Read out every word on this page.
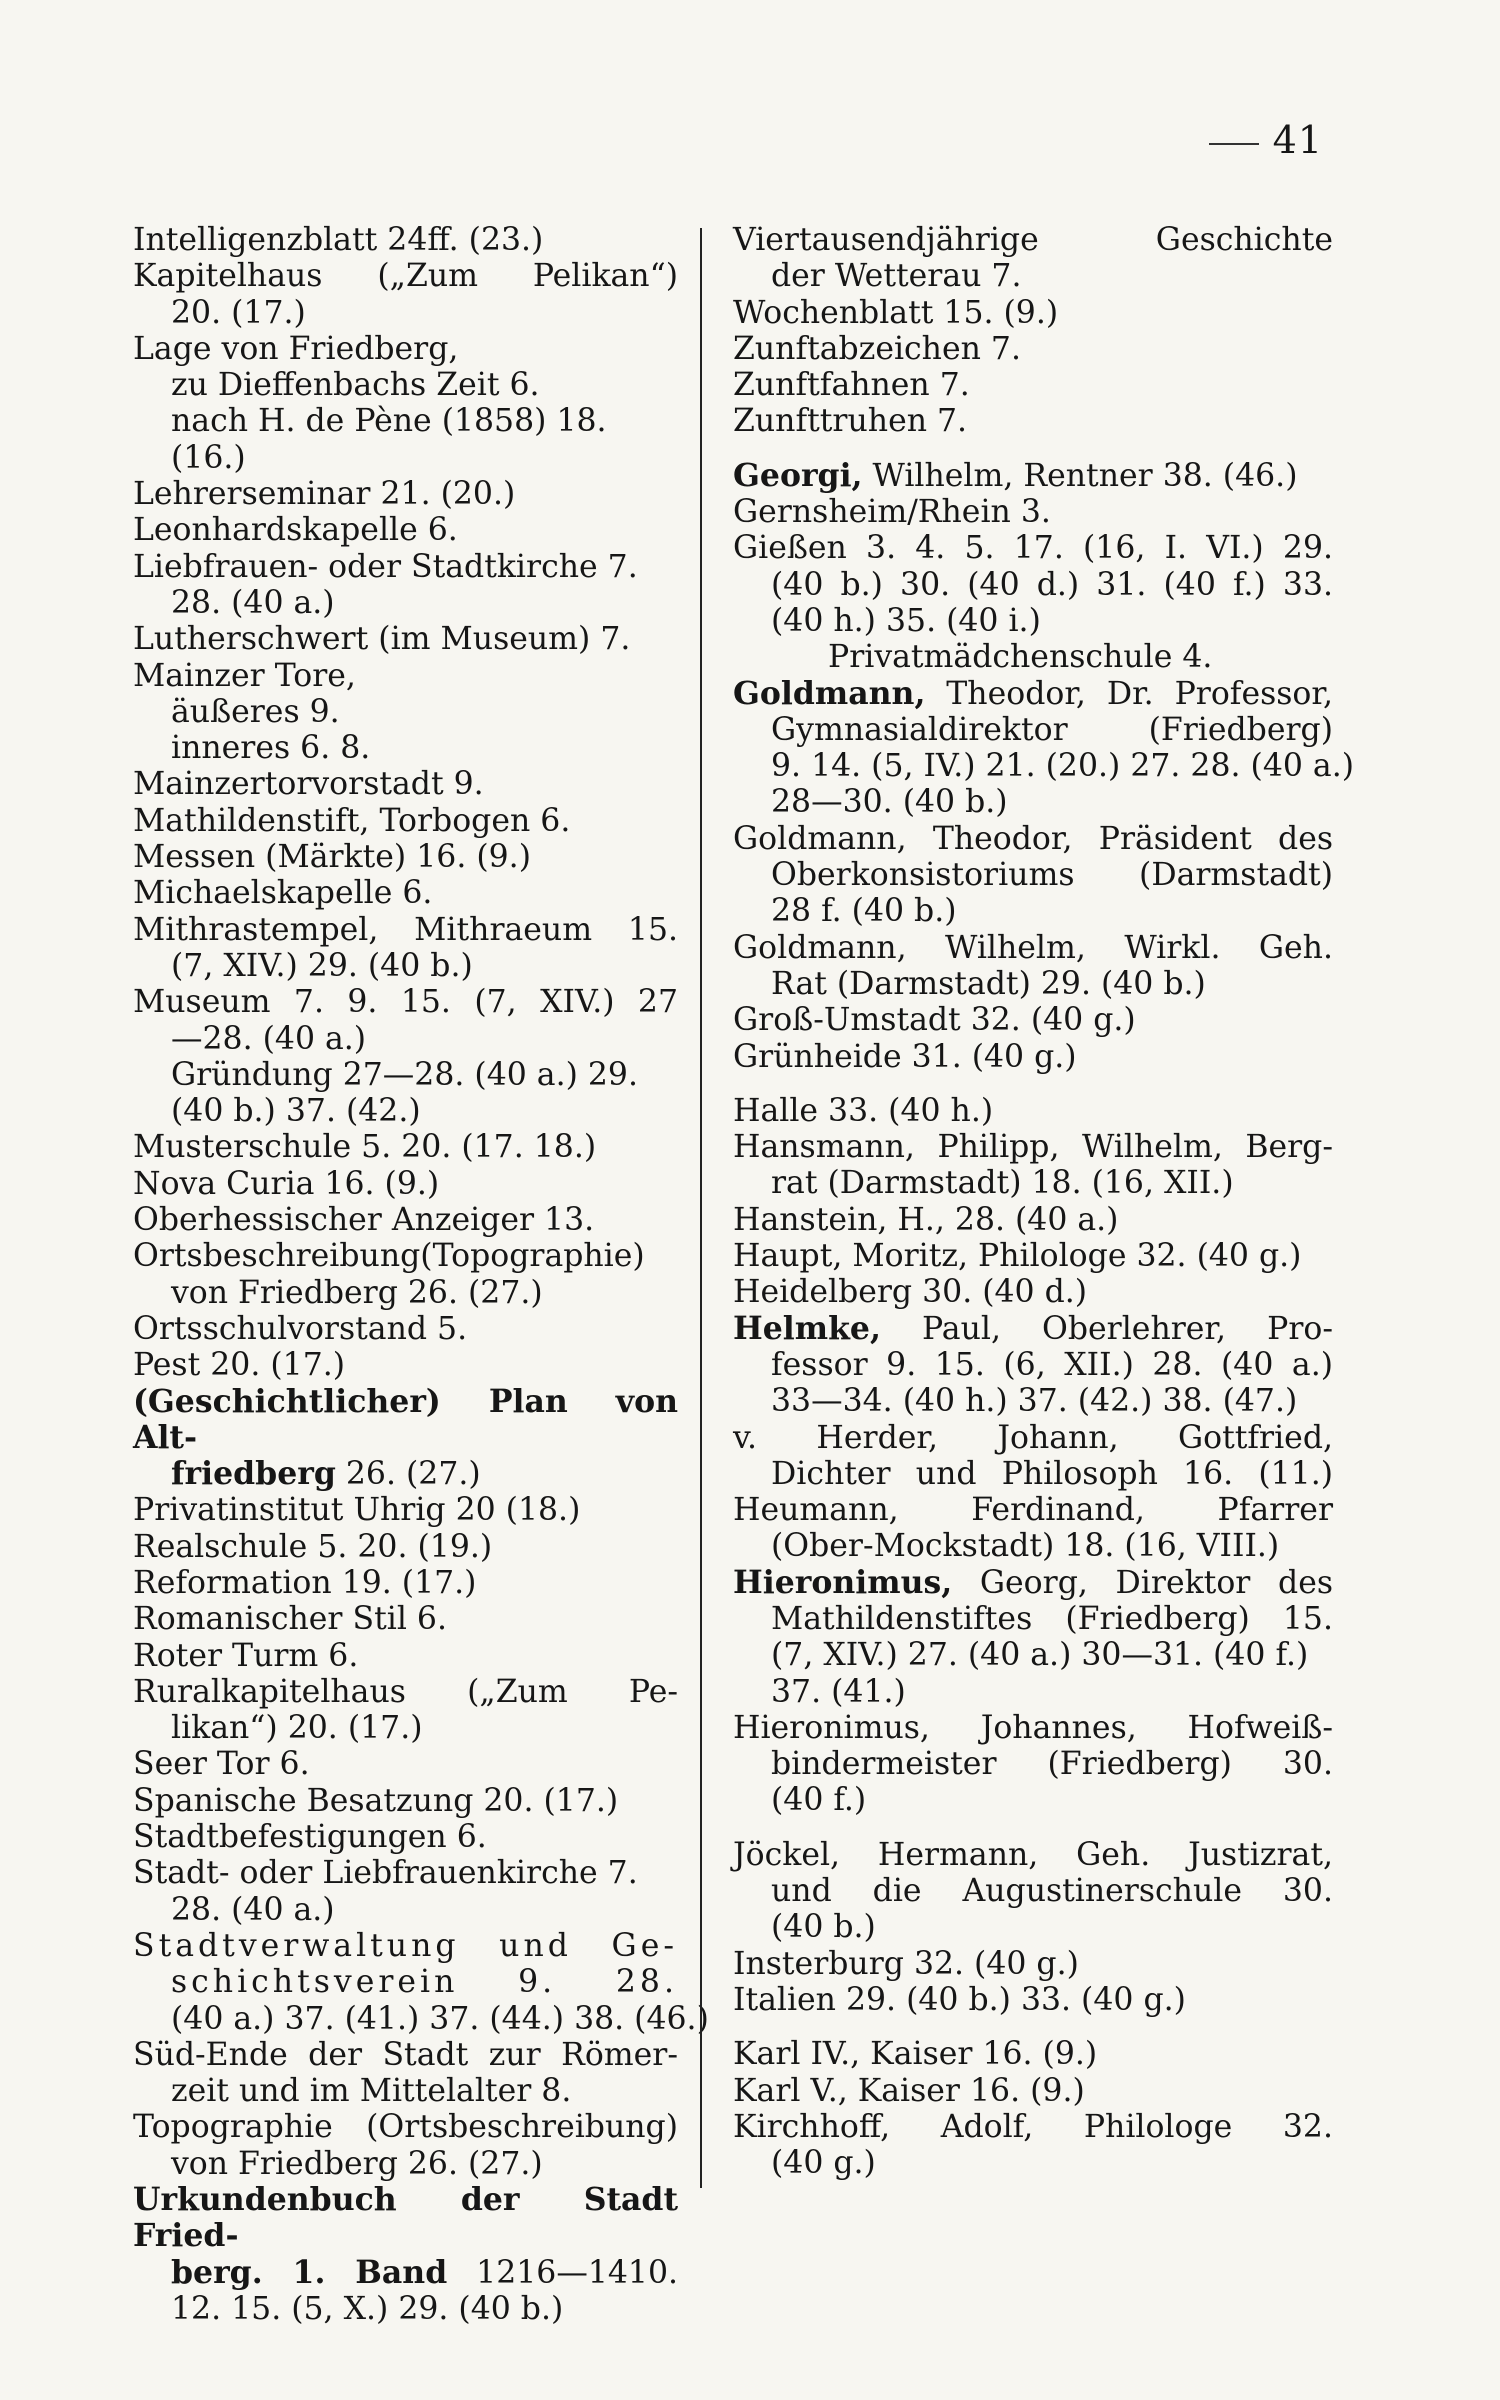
41
Intelligenzblatt 24ff. (23.)
Kapitelhaus („Zum Pelikan“)
20. (17.)
Lage von Friedberg,
zu Dieffenbachs Zeit 6.
nach H. de Pène (1858) 18.
(16.)
Lehrerseminar 21. (20.)
Leonhardskapelle 6.
Liebfrauen- oder Stadtkirche 7.
28. (40 a.)
Lutherschwert (im Museum) 7.
Mainzer Tore,
äußeres 9.
inneres 6. 8.
Mainzertorvorstadt 9.
Mathildenstift, Torbogen 6.
Messen (Märkte) 16. (9.)
Michaelskapelle 6.
Mithrastempel, Mithraeum 15.
(7, XIV.) 29. (40 b.)
Museum 7. 9. 15. (7, XIV.) 27
—28. (40 a.)
Gründung 27—28. (40 a.) 29.
(40 b.) 37. (42.)
Musterschule 5. 20. (17. 18.)
Nova Curia 16. (9.)
Oberhessischer Anzeiger 13.
Ortsbeschreibung(Topographie)
von Friedberg 26. (27.)
Ortsschulvorstand 5.
Pest 20. (17.)
(Geschichtlicher) Plan von Alt-
friedberg 26. (27.)
Privatinstitut Uhrig 20 (18.)
Realschule 5. 20. (19.)
Reformation 19. (17.)
Romanischer Stil 6.
Roter Turm 6.
Ruralkapitelhaus („Zum Pe-
likan“) 20. (17.)
Seer Tor 6.
Spanische Besatzung 20. (17.)
Stadtbefestigungen 6.
Stadt- oder Liebfrauenkirche 7.
28. (40 a.)
Stadtverwaltung und Ge-
schichtsverein 9. 28.
(40 a.) 37. (41.) 37. (44.) 38. (46.)
Süd-Ende der Stadt zur Römer-
zeit und im Mittelalter 8.
Topographie (Ortsbeschreibung)
von Friedberg 26. (27.)
Urkundenbuch der Stadt Fried-
berg. 1. Band 1216—1410.
12. 15. (5, X.) 29. (40 b.)
Viertausendjährige Geschichte
der Wetterau 7.
Wochenblatt 15. (9.)
Zunftabzeichen 7.
Zunftfahnen 7.
Zunfttruhen 7.
Georgi, Wilhelm, Rentner 38. (46.)
Gernsheim/Rhein 3.
Gießen 3. 4. 5. 17. (16, I. VI.) 29.
(40 b.) 30. (40 d.) 31. (40 f.) 33.
(40 h.) 35. (40 i.)
Privatmädchenschule 4.
Goldmann, Theodor, Dr. Professor,
Gymnasialdirektor (Friedberg)
9. 14. (5, IV.) 21. (20.) 27. 28. (40 a.)
28—30. (40 b.)
Goldmann, Theodor, Präsident des
Oberkonsistoriums (Darmstadt)
28 f. (40 b.)
Goldmann, Wilhelm, Wirkl. Geh.
Rat (Darmstadt) 29. (40 b.)
Groß-Umstadt 32. (40 g.)
Grünheide 31. (40 g.)
Halle 33. (40 h.)
Hansmann, Philipp, Wilhelm, Berg-
rat (Darmstadt) 18. (16, XII.)
Hanstein, H., 28. (40 a.)
Haupt, Moritz, Philologe 32. (40 g.)
Heidelberg 30. (40 d.)
Helmke, Paul, Oberlehrer, Pro-
fessor 9. 15. (6, XII.) 28. (40 a.)
33—34. (40 h.) 37. (42.) 38. (47.)
v. Herder, Johann, Gottfried,
Dichter und Philosoph 16. (11.)
Heumann, Ferdinand, Pfarrer
(Ober-Mockstadt) 18. (16, VIII.)
Hieronimus, Georg, Direktor des
Mathildenstiftes (Friedberg) 15.
(7, XIV.) 27. (40 a.) 30—31. (40 f.)
37. (41.)
Hieronimus, Johannes, Hofweiß-
bindermeister (Friedberg) 30.
(40 f.)
Jöckel, Hermann, Geh. Justizrat,
und die Augustinerschule 30.
(40 b.)
Insterburg 32. (40 g.)
Italien 29. (40 b.) 33. (40 g.)
Karl IV., Kaiser 16. (9.)
Karl V., Kaiser 16. (9.)
Kirchhoff, Adolf, Philologe 32.
(40 g.)
